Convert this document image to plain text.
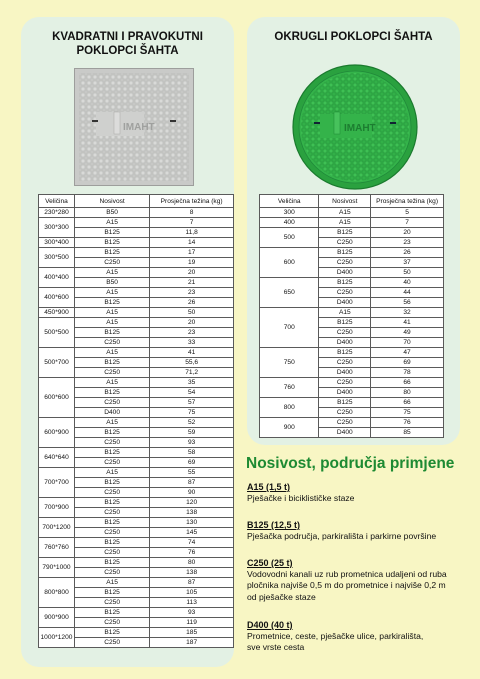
KVADRATNI I PRAVOKUTNI
POKLOPCI ŠAHTA
OKRUGLI POKLOPCI ŠAHTA
IMAHT	IMAHT
Veličina	Nosivost	Prosječna težina (kg)
230*280	B50	8
300*300	A15	7
	B125	11,8
300*400	B125	14
300*500	B125	17
	C250	19
400*400	A15	20
	B50	21
400*600	A15	23
	B125	26
450*900	A15	50
500*500	A15	20
	B125	23
	C250	33
500*700	A15	41
	B125	55,6
	C250	71,2
600*600	A15	35
	B125	54
	C250	57
	D400	75
600*900	A15	52
	B125	59
	C250	93
640*640	B125	58
	C250	69
700*700	A15	55
	B125	87
	C250	90
700*900	B125	120
	C250	138
700*1200	B125	130
	C250	145
760*760	B125	74
	C250	76
790*1000	B125	80
	C250	138
800*800	A15	87
	B125	105
	C250	113
900*900	B125	93
	C250	119
1000*1200	B125	185
	C250	187
Veličina	Nosivost	Prosječna težina (kg)
300	A15	5
400	A15	7
500	B125	20
	C250	23
600	B125	26
	C250	37
	D400	50
650	B125	40
	C250	44
	D400	56
700	A15	32
	B125	41
	C250	49
	D400	70
750	B125	47
	C250	69
	D400	78
760	C250	66
	D400	80
800	B125	66
	C250	75
900	C250	76
	D400	85
Nosivost, područja primjene
A15 (1,5 t)
Pješačke i biciklističke staze
B125 (12,5 t)
Pješačka područja, parkirališta i parkirne površine
C250 (25 t)
Vodovodni kanali uz rub prometnica udaljeni od ruba
pločnika najviše 0,5 m do prometnice i najviše 0,2 m
od pješačke staze
D400 (40 t)
Prometnice, ceste, pješačke ulice, parkirališta,
sve vrste cesta
